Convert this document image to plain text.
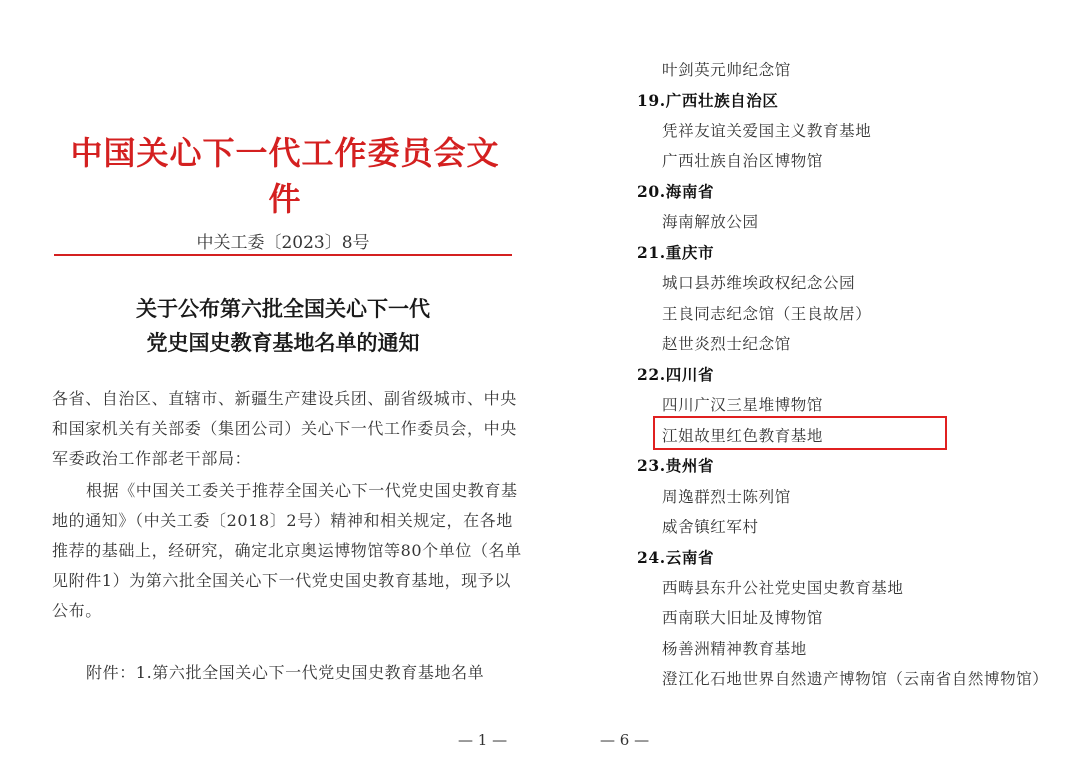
中国关心下一代工作委员会文件
中关工委〔2023〕8号
关于公布第六批全国关心下一代
党史国史教育基地名单的通知
各省、自治区、直辖市、新疆生产建设兵团、副省级城市、中央
和国家机关有关部委（集团公司）关心下一代工作委员会，中央
军委政治工作部老干部局：
根据《中国关工委关于推荐全国关心下一代党史国史教育基
地的通知》（中关工委〔2018〕2号）精神和相关规定，在各地
推荐的基础上，经研究，确定北京奥运博物馆等80个单位（名单
见附件1）为第六批全国关心下一代党史国史教育基地，现予以
公布。
附件：1.第六批全国关心下一代党史国史教育基地名单
— 1 —
叶剑英元帅纪念馆
19.广西壮族自治区
凭祥友谊关爱国主义教育基地
广西壮族自治区博物馆
20.海南省
海南解放公园
21.重庆市
城口县苏维埃政权纪念公园
王良同志纪念馆（王良故居）
赵世炎烈士纪念馆
22.四川省
四川广汉三星堆博物馆
江姐故里红色教育基地
23.贵州省
周逸群烈士陈列馆
威舍镇红军村
24.云南省
西畴县东升公社党史国史教育基地
西南联大旧址及博物馆
杨善洲精神教育基地
澄江化石地世界自然遗产博物馆（云南省自然博物馆）
— 6 —
